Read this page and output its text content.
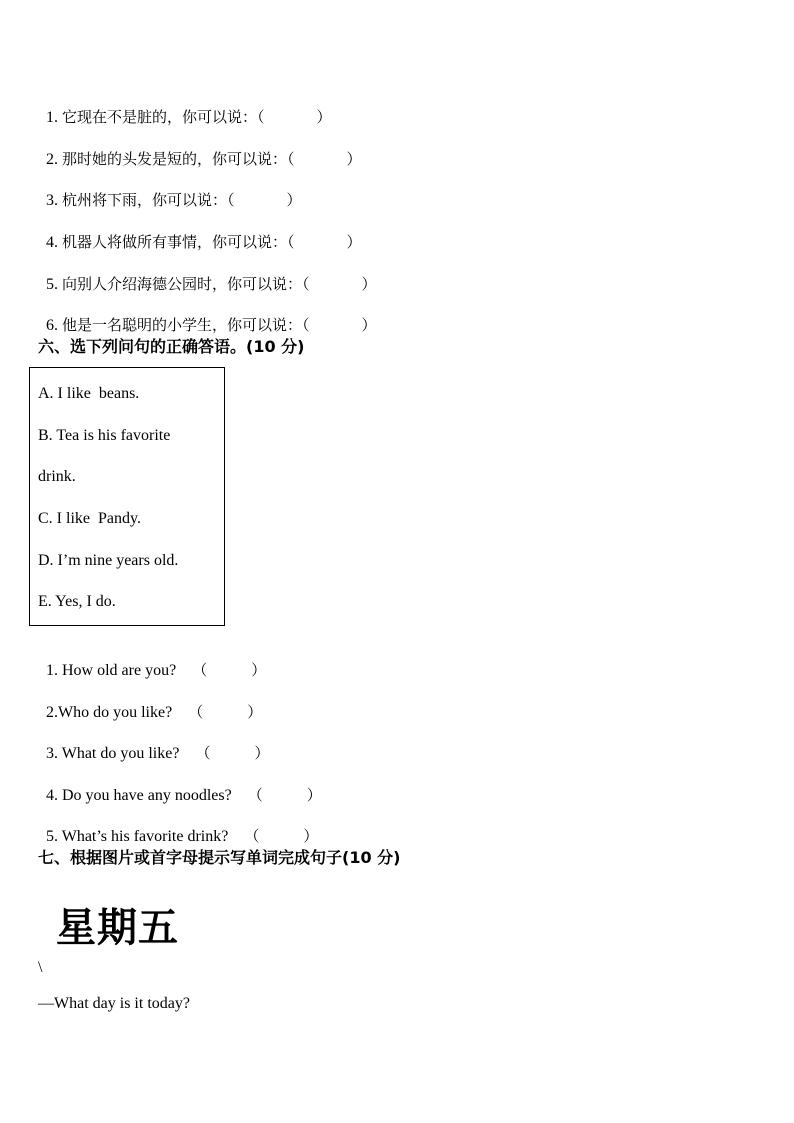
1. 它现在不是脏的，你可以说：（	）

2. 那时她的头发是短的，你可以说：（	）

3. 杭州将下雨，你可以说：（	）

4. 机器人将做所有事情，你可以说：（	）

5. 向别人介绍海德公园时，你可以说：（	）

6. 他是一名聪明的小学生，你可以说：（	）

六、选下列问句的正确答语。(10 分)
A. I like  beans.
B. Tea is his favorite
drink.
C. I like  Pandy.
D. I’m nine years old.
E. Yes, I do.

1. How old are you? （	）

2.Who do you like? （	）

3. What do you like? （	）

4. Do you have any noodles? （	）

5. What’s his favorite drink? （	）

七、根据图片或首字母提示写单词完成句子(10 分)
星期五
\
—What day is it today?
